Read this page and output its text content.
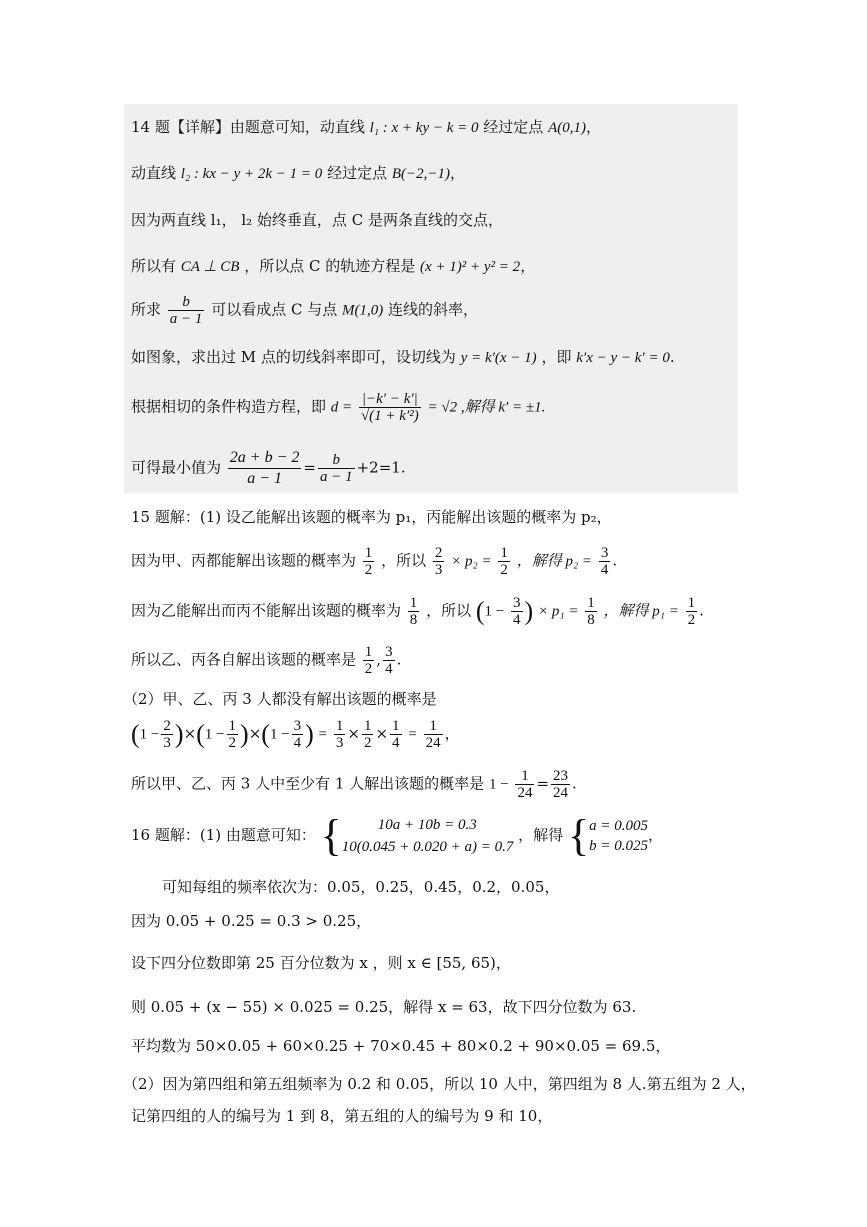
14 题【详解】由题意可知，动直线 l₁ : x + ky − k = 0 经过定点 A(0,1)，
动直线 l₂ : kx − y + 2k − 1 = 0 经过定点 B(−2,−1)，
因为两直线 l₁， l₂ 始终垂直，点 C 是两条直线的交点，
所以有 CA ⊥ CB ，所以点 C 的轨迹方程是 (x + 1)² + y² = 2，
所求 $\frac{b}{a - 1}$ 可以看成点 C 与点 M(1,0) 连线的斜率，
如图象，求出过 M 点的切线斜率即可，设切线为 y = k′(x − 1) ，即 k′x − y − k′ = 0.
根据相切的条件构造方程，即 $d = \frac{|-k' - k'|}{\text{√(1 + k′²)}} = √2$ ,解得 k′ = ±1.
可得最小值为 $\frac{2a + b - 2}{a - 1} = \frac{b}{a - 1} +2=1$.
15 题解：(1) 设乙能解出该题的概率为 p₁，丙能解出该题的概率为 p₂，
因为甲、丙都能解出该题的概率为 $\frac{1}{2}$ ，所以 $\frac{2}{3} \times p_2 = \frac{1}{2}$ ，解得 $p_2 = \frac{3}{4}$ .
因为乙能解出而丙不能解出该题的概率为 $\frac{1}{8}$ ，所以 ($1 - \frac{3}{4}$ ) × $p_1 = \frac{1}{8}$ ，解得 $p_1 = \frac{1}{2}$ .
所以乙、丙各自解出该题的概率是 $\frac{1}{2}$ , $\frac{3}{4}$ .
（2）甲、乙、丙 3 人都没有解出该题的概率是
$(1 - \frac{2}{3} )\times(1 - \frac{1}{2} )\times(1 - \frac{3}{4}$ ) = $\frac{1}{3} \times \frac{1}{2} \times \frac{1}{4} = \frac{1}{24}$ ，
所以甲、乙、丙 3 人中至少有 1 人解出该题的概率是 $1 - \frac{1}{24} = \frac{23}{24}$ .
16 题解：(1) 由题意可知： {	10a + 10b = 0.3
10(0.045 + 0.020 + a) = 0.7
，解得 { a = 0.005
b = 0.025
，
可知每组的频率依次为：0.05，0.25，0.45，0.2，0.05，
因为 0.05 + 0.25 = 0.3 > 0.25，
设下四分位数即第 25 百分位数为 x ，则 x ∈ [55, 65)，
则 0.05 + (x − 55) × 0.025 = 0.25，解得 x = 63，故下四分位数为 63.
平均数为 50×0.05 + 60×0.25 + 70×0.45 + 80×0.2 + 90×0.05 = 69.5，
（2）因为第四组和第五组频率为 0.2 和 0.05，所以 10 人中，第四组为 8 人.第五组为 2 人，
记第四组的人的编号为 1 到 8，第五组的人的编号为 9 和 10，
